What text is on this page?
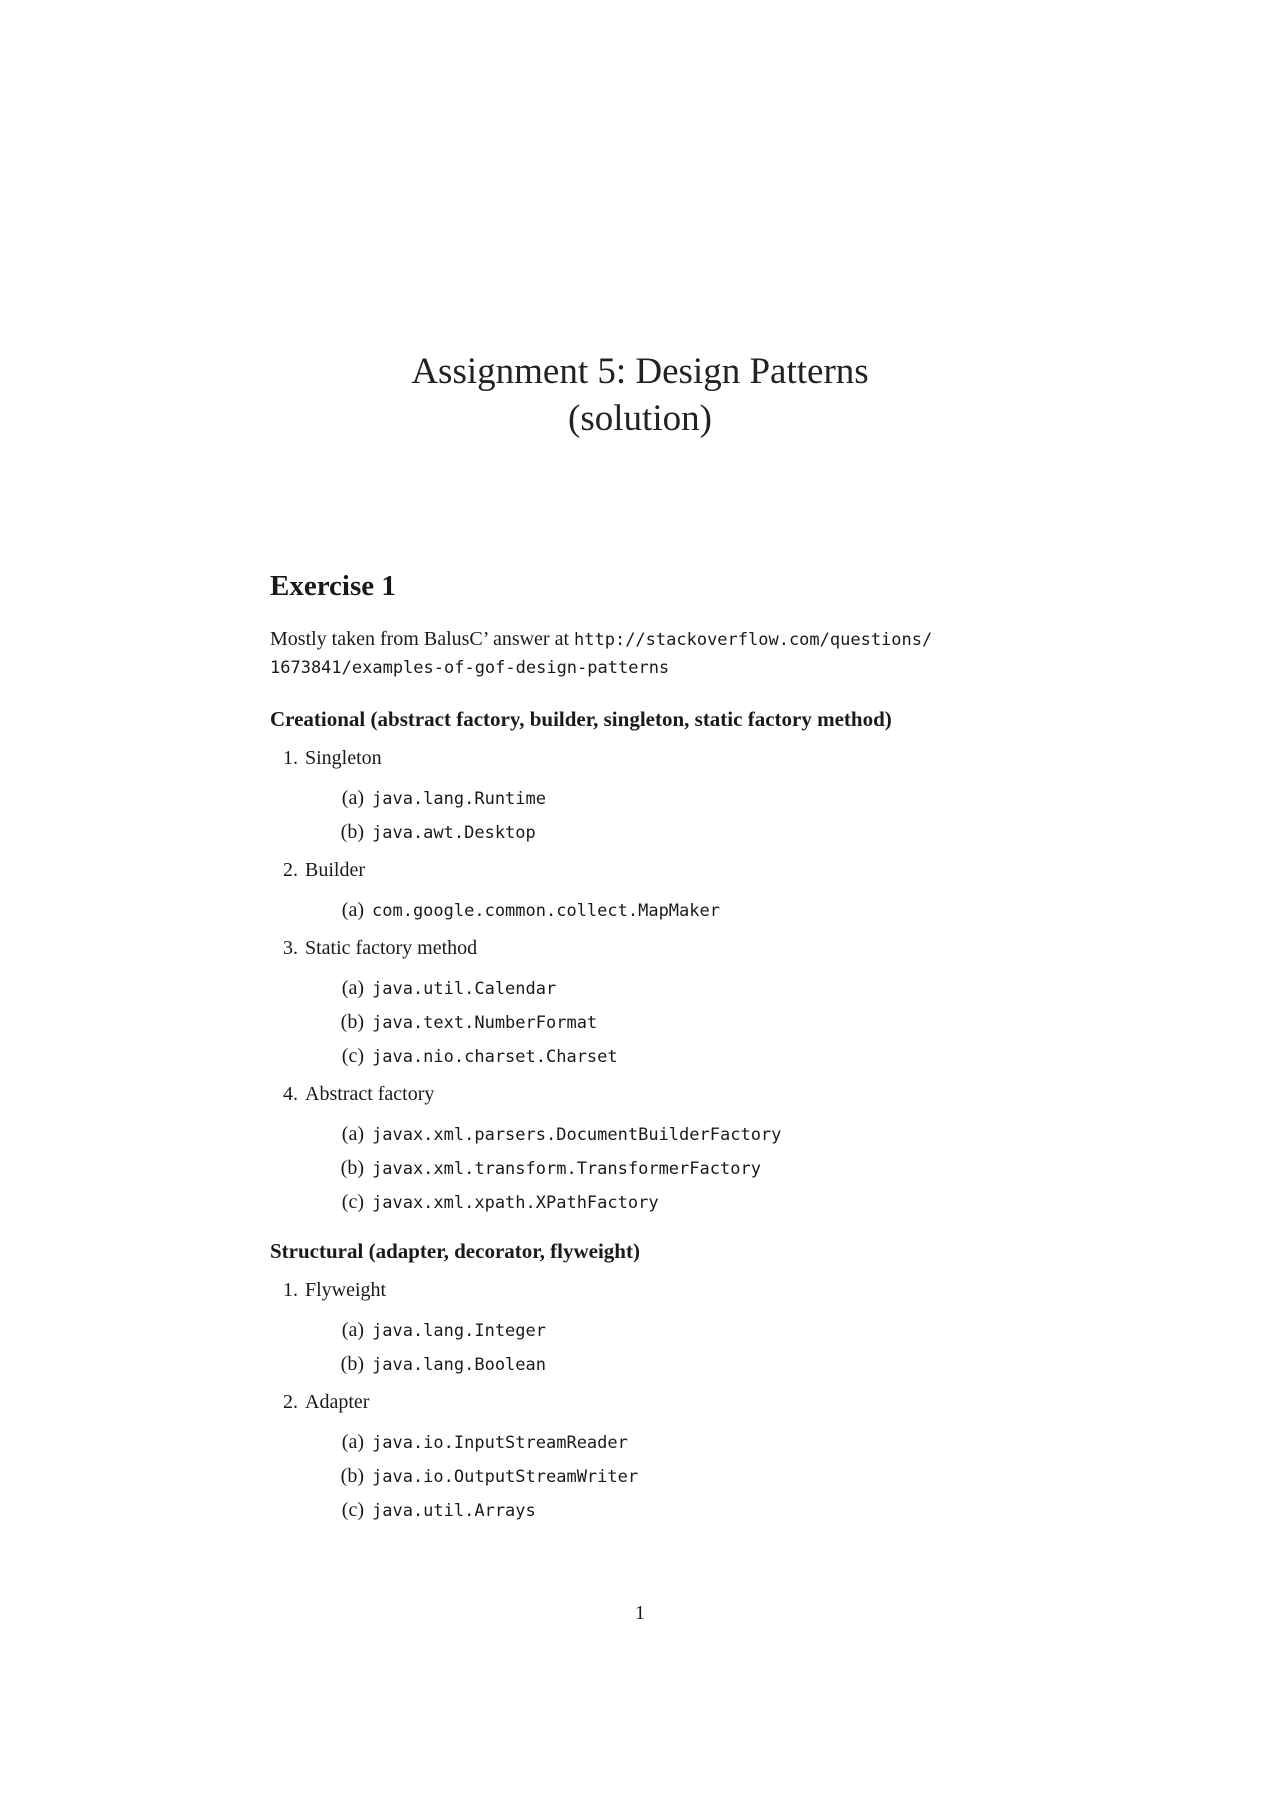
Assignment 5: Design Patterns
(solution)
Exercise 1

Mostly taken from BalusC’ answer at http://stackoverflow.com/questions/
1673841/examples-of-gof-design-patterns

Creational (abstract factory, builder, singleton, static factory method)
1. Singleton
(a) java.lang.Runtime
(b) java.awt.Desktop
2. Builder
(a) com.google.common.collect.MapMaker
3. Static factory method
(a) java.util.Calendar
(b) java.text.NumberFormat
(c) java.nio.charset.Charset
4. Abstract factory
(a) javax.xml.parsers.DocumentBuilderFactory
(b) javax.xml.transform.TransformerFactory
(c) javax.xml.xpath.XPathFactory
Structural (adapter, decorator, flyweight)
1. Flyweight
(a) java.lang.Integer
(b) java.lang.Boolean
2. Adapter
(a) java.io.InputStreamReader
(b) java.io.OutputStreamWriter
(c) java.util.Arrays
1
